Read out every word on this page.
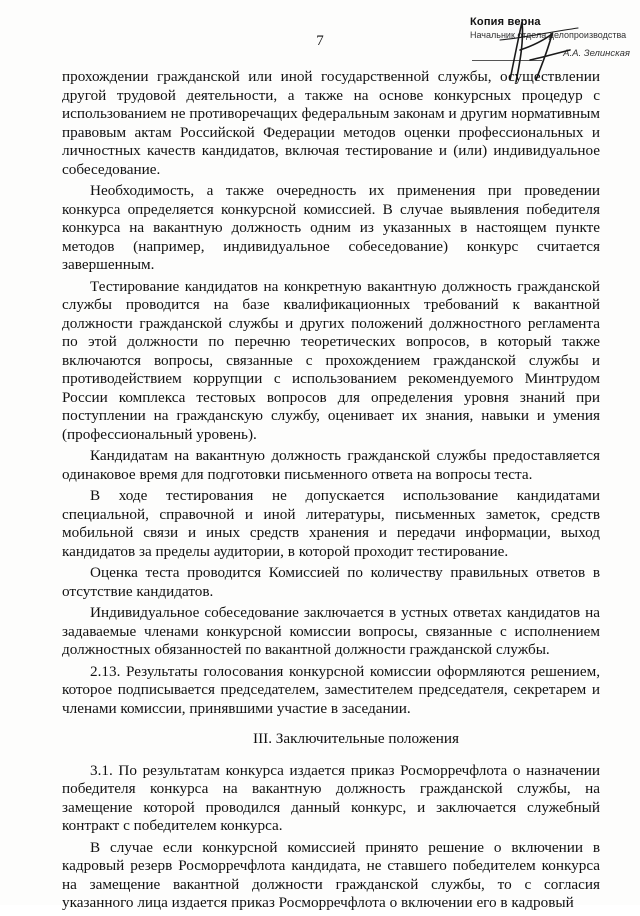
7
Копия верна
Начальник отдела делопроизводства
А.А. Зелинская

прохождении гражданской или иной государственной службы, осуществлении другой трудовой деятельности, а также на основе конкурсных процедур с использованием не противоречащих федеральным законам и другим нормативным правовым актам Российской Федерации методов оценки профессиональных и личностных качеств кандидатов, включая тестирование и (или) индивидуальное собеседование.

Необходимость, а также очередность их применения при проведении конкурса определяется конкурсной комиссией. В случае выявления победителя конкурса на вакантную должность одним из указанных в настоящем пункте методов (например, индивидуальное собеседование) конкурс считается завершенным.

Тестирование кандидатов на конкретную вакантную должность гражданской службы проводится на базе квалификационных требований к вакантной должности гражданской службы и других положений должностного регламента по этой должности по перечню теоретических вопросов, в который также включаются вопросы, связанные с прохождением гражданской службы и противодействием коррупции с использованием рекомендуемого Минтрудом России комплекса тестовых вопросов для определения уровня знаний при поступлении на гражданскую службу, оценивает их знания, навыки и умения (профессиональный уровень).

Кандидатам на вакантную должность гражданской службы предоставляется одинаковое время для подготовки письменного ответа на вопросы теста.

В ходе тестирования не допускается использование кандидатами специальной, справочной и иной литературы, письменных заметок, средств мобильной связи и иных средств хранения и передачи информации, выход кандидатов за пределы аудитории, в которой проходит тестирование.

Оценка теста проводится Комиссией по количеству правильных ответов в отсутствие кандидатов.

Индивидуальное собеседование заключается в устных ответах кандидатов на задаваемые членами конкурсной комиссии вопросы, связанные с исполнением должностных обязанностей по вакантной должности гражданской службы.

2.13. Результаты голосования конкурсной комиссии оформляются решением, которое подписывается председателем, заместителем председателя, секретарем и членами комиссии, принявшими участие в заседании.

III. Заключительные положения

3.1. По результатам конкурса издается приказ Росморречфлота о назначении победителя конкурса на вакантную должность гражданской службы, на замещение которой проводился данный конкурс, и заключается служебный контракт с победителем конкурса.

В случае если конкурсной комиссией принято решение о включении в кадровый резерв Росморречфлота кандидата, не ставшего победителем конкурса на замещение вакантной должности гражданской службы, то с согласия указанного лица издается приказ Росморречфлота о включении его в кадровый
